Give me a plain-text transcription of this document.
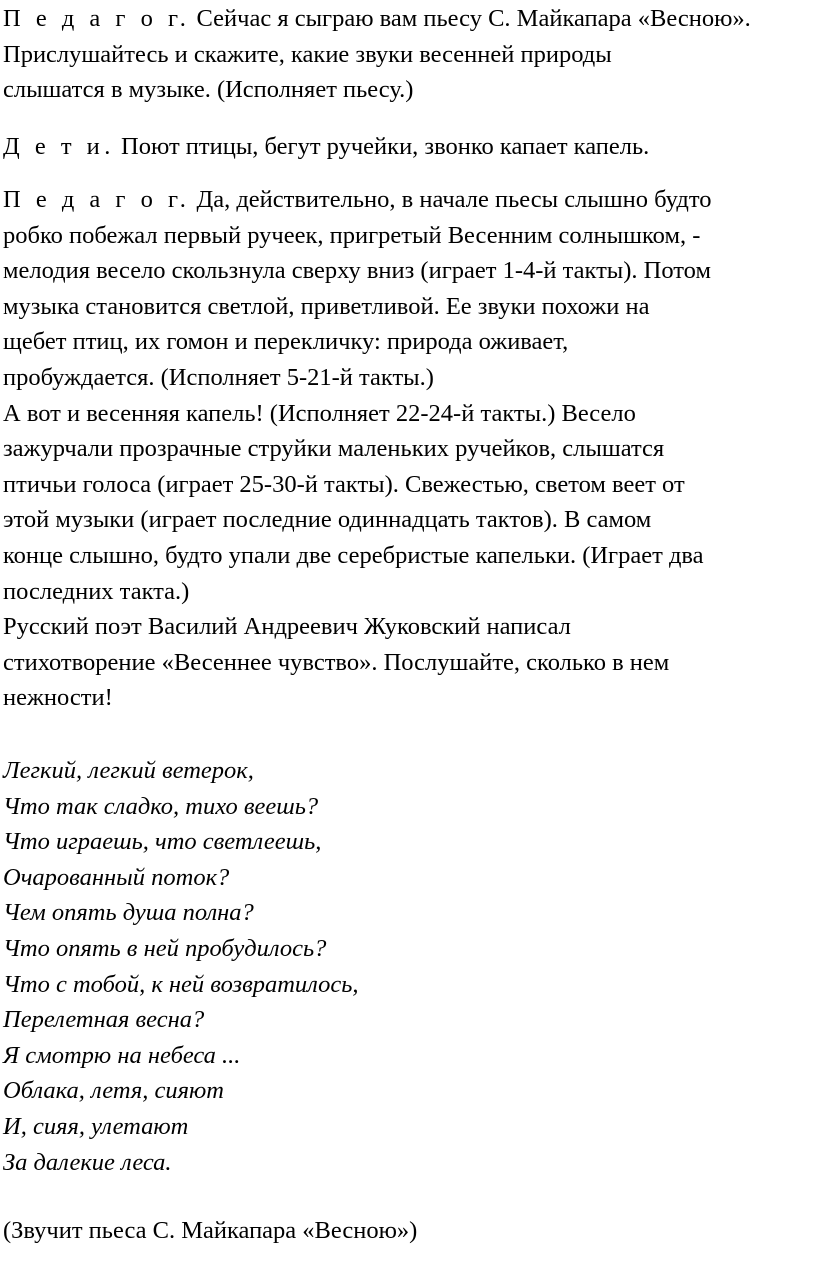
П е д а г о г. Сейчас я сыграю вам пьесу С. Майкапара «Весною».
Прислушайтесь и скажите, какие звуки весенней природы
слышатся в музыке. (Исполняет пьесу.)
Д е т и. Поют птицы, бегут ручейки, звонко капает капель.
П е д а г о г. Да, действительно, в начале пьесы слышно будто
робко побежал первый ручеек, пригретый Весенним солнышком, -
мелодия весело скользнула сверху вниз (играет 1-4-й такты). Потом
музыка становится светлой, приветливой. Ее звуки похожи на
щебет птиц, их гомон и перекличку: природа оживает,
пробуждается. (Исполняет 5-21-й такты.)
А вот и весенняя капель! (Исполняет 22-24-й такты.) Весело
зажурчали прозрачные струйки маленьких ручейков, слышатся
птичьи голоса (играет 25-30-й такты). Свежестью, светом веет от
этой музыки (играет последние одиннадцать тактов). В самом
конце слышно, будто упали две серебристые капельки. (Играет два
последних такта.)
Русский поэт Василий Андреевич Жуковский написал
стихотворение «Весеннее чувство». Послушайте, сколько в нем
нежности!
Легкий, легкий ветерок,
Что так сладко, тихо веешь?
Что играешь, что светлеешь,
Очарованный поток?
Чем опять душа полна?
Что опять в ней пробудилось?
Что с тобой, к ней возвратилось,
Перелетная весна?
Я смотрю на небеса ...
Облака, летя, сияют
И, сияя, улетают
За далекие леса.
(Звучит пьеса С. Майкапара «Весною»)
